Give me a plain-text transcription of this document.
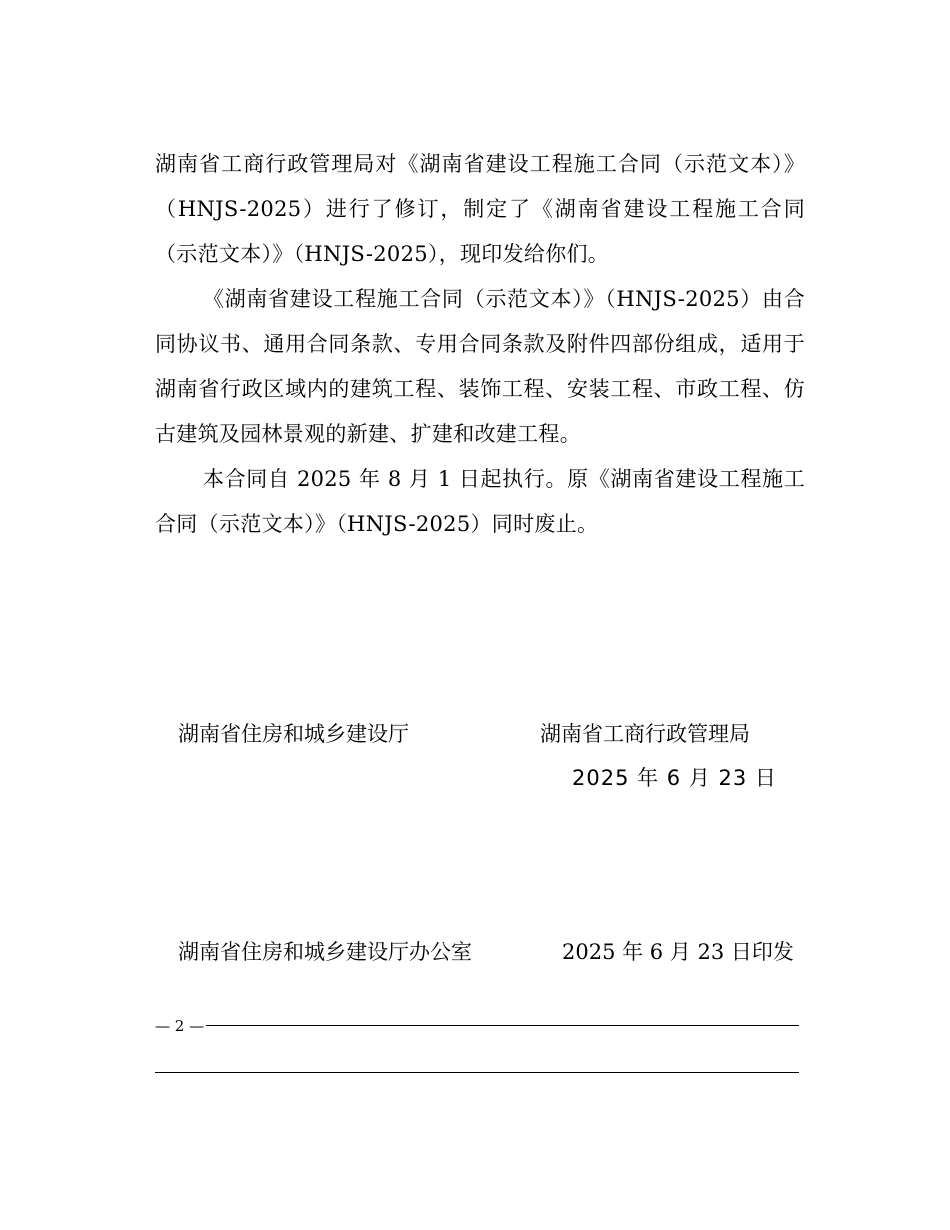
湖南省工商行政管理局对《湖南省建设工程施工合同（示范文本）》（HNJS-2025）进行了修订，制定了《湖南省建设工程施工合同（示范文本）》（HNJS-2025），现印发给你们。

《湖南省建设工程施工合同（示范文本）》（HNJS-2025）由合同协议书、通用合同条款、专用合同条款及附件四部份组成，适用于湖南省行政区域内的建筑工程、装饰工程、安装工程、市政工程、仿古建筑及园林景观的新建、扩建和改建工程。

本合同自 2025 年 8 月 1 日起执行。原《湖南省建设工程施工合同（示范文本）》（HNJS-2025）同时废止。

湖南省住房和城乡建设厅	湖南省工商行政管理局
2025 年 6 月 23 日
湖南省住房和城乡建设厅办公室	2025 年 6 月 23 日印发
— 2 —
